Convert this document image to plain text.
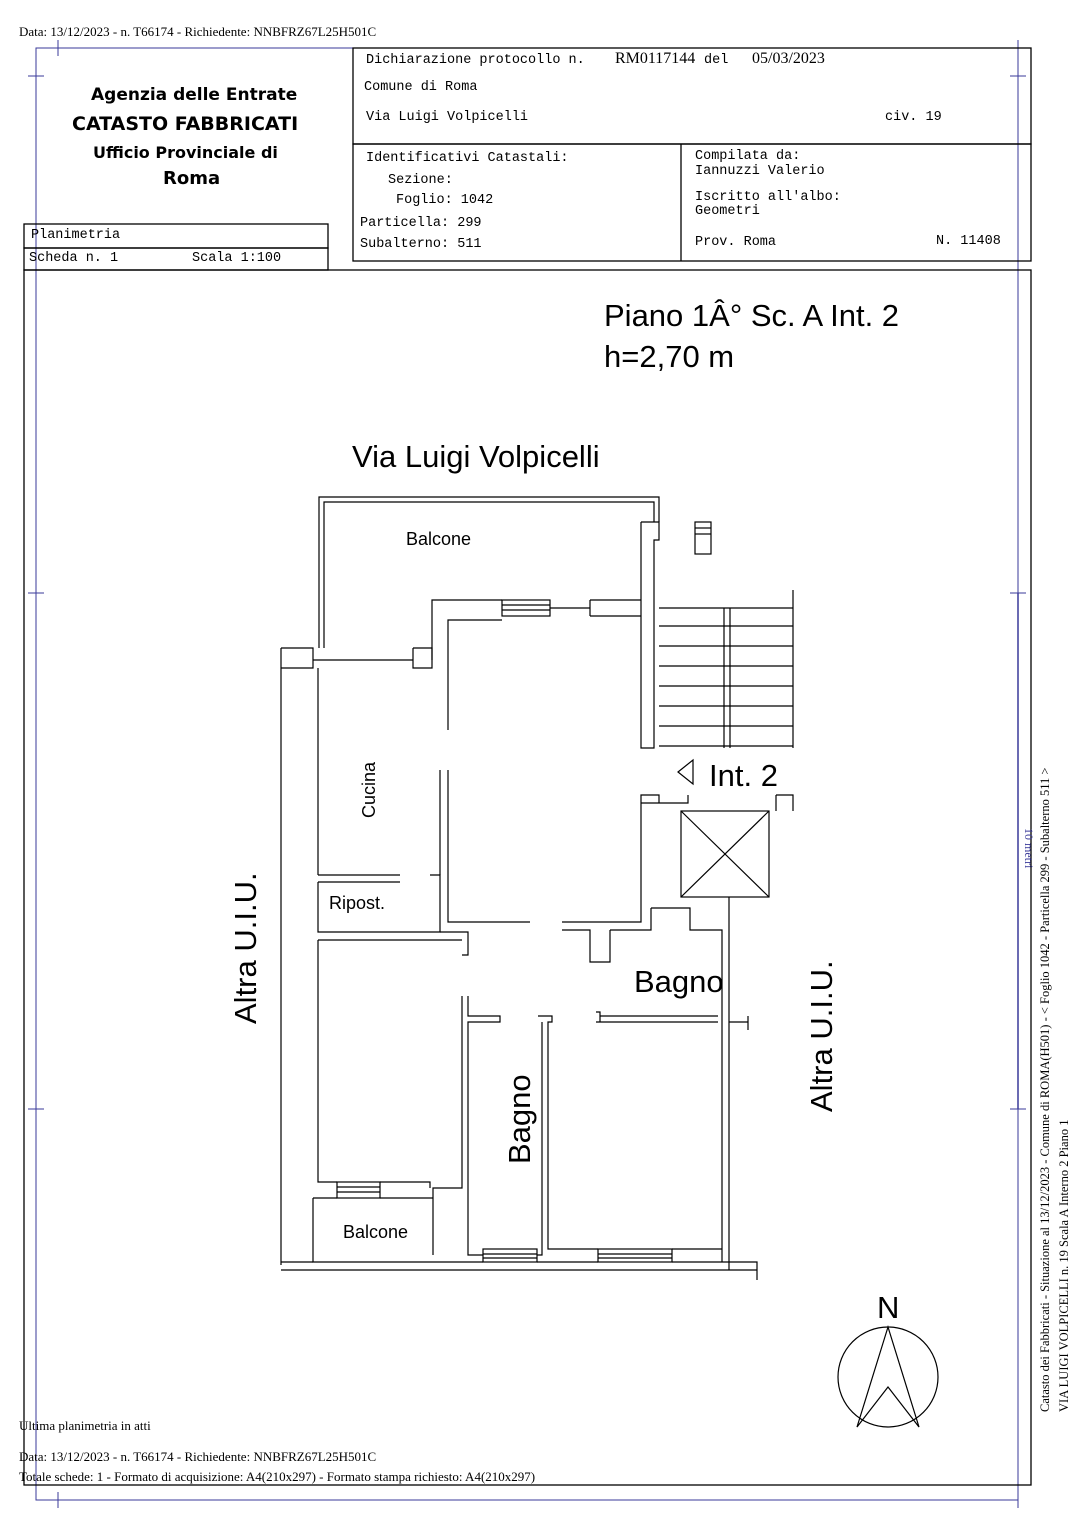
Data: 13/12/2023 - n. T66174 - Richiedente: NNBFRZ67L25H501C
Agenzia delle Entrate
CATASTO FABBRICATI
Ufficio Provinciale di
Roma
Planimetria
Scheda n. 1	Scala 1:100
Dichiarazione protocollo n. RM0117144 del 05/03/2023
Comune di Roma
Via Luigi Volpicelli	civ. 19
Identificativi Catastali:
Sezione:
Foglio: 1042
Particella: 299
Subalterno: 511
Compilata da:
Iannuzzi Valerio
Iscritto all'albo:
Geometri
Prov. Roma	N. 11408
Piano 1Â° Sc. A Int. 2
h=2,70 m
Via Luigi Volpicelli
Balcone
Cucina
Ripost.
Bagno
Bagno
Balcone
Int. 2
Altra U.I.U.
Altra U.I.U.
N
10 metri Catasto dei Fabbricati - Situazione al 13/12/2023 - Comune di ROMA(H501) - < Foglio 1042 - Particella 299 - Subalterno 511 > VIA LUIGI VOLPICELLI n. 19 Scala A Interno 2 Piano 1
Ultima planimetria in atti
Data: 13/12/2023 - n. T66174 - Richiedente: NNBFRZ67L25H501C
Totale schede: 1 - Formato di acquisizione: A4(210x297) - Formato stampa richiesto: A4(210x297)
